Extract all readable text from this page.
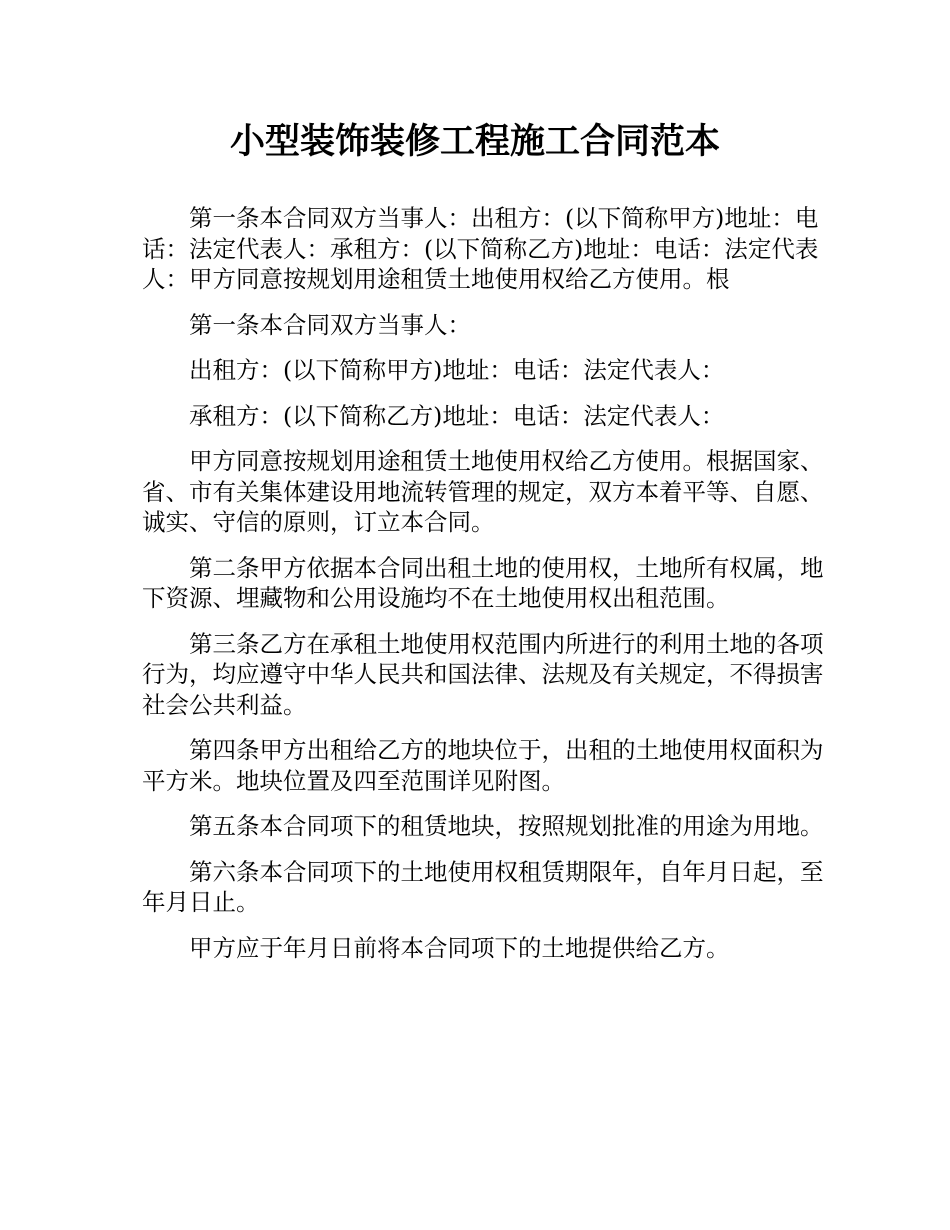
小型装饰装修工程施工合同范本

第一条本合同双方当事人：出租方：(以下简称甲方)地址：电话：法定代表人：承租方：(以下简称乙方)地址：电话：法定代表人：甲方同意按规划用途租赁土地使用权给乙方使用。根

第一条本合同双方当事人：

出租方：(以下简称甲方)地址：电话：法定代表人：

承租方：(以下简称乙方)地址：电话：法定代表人：

甲方同意按规划用途租赁土地使用权给乙方使用。根据国家、省、市有关集体建设用地流转管理的规定，双方本着平等、自愿、诚实、守信的原则，订立本合同。

第二条甲方依据本合同出租土地的使用权，土地所有权属，地下资源、埋藏物和公用设施均不在土地使用权出租范围。

第三条乙方在承租土地使用权范围内所进行的利用土地的各项行为，均应遵守中华人民共和国法律、法规及有关规定，不得损害社会公共利益。

第四条甲方出租给乙方的地块位于，出租的土地使用权面积为平方米。地块位置及四至范围详见附图。

第五条本合同项下的租赁地块，按照规划批准的用途为用地。

第六条本合同项下的土地使用权租赁期限年，自年月日起，至年月日止。

甲方应于年月日前将本合同项下的土地提供给乙方。
